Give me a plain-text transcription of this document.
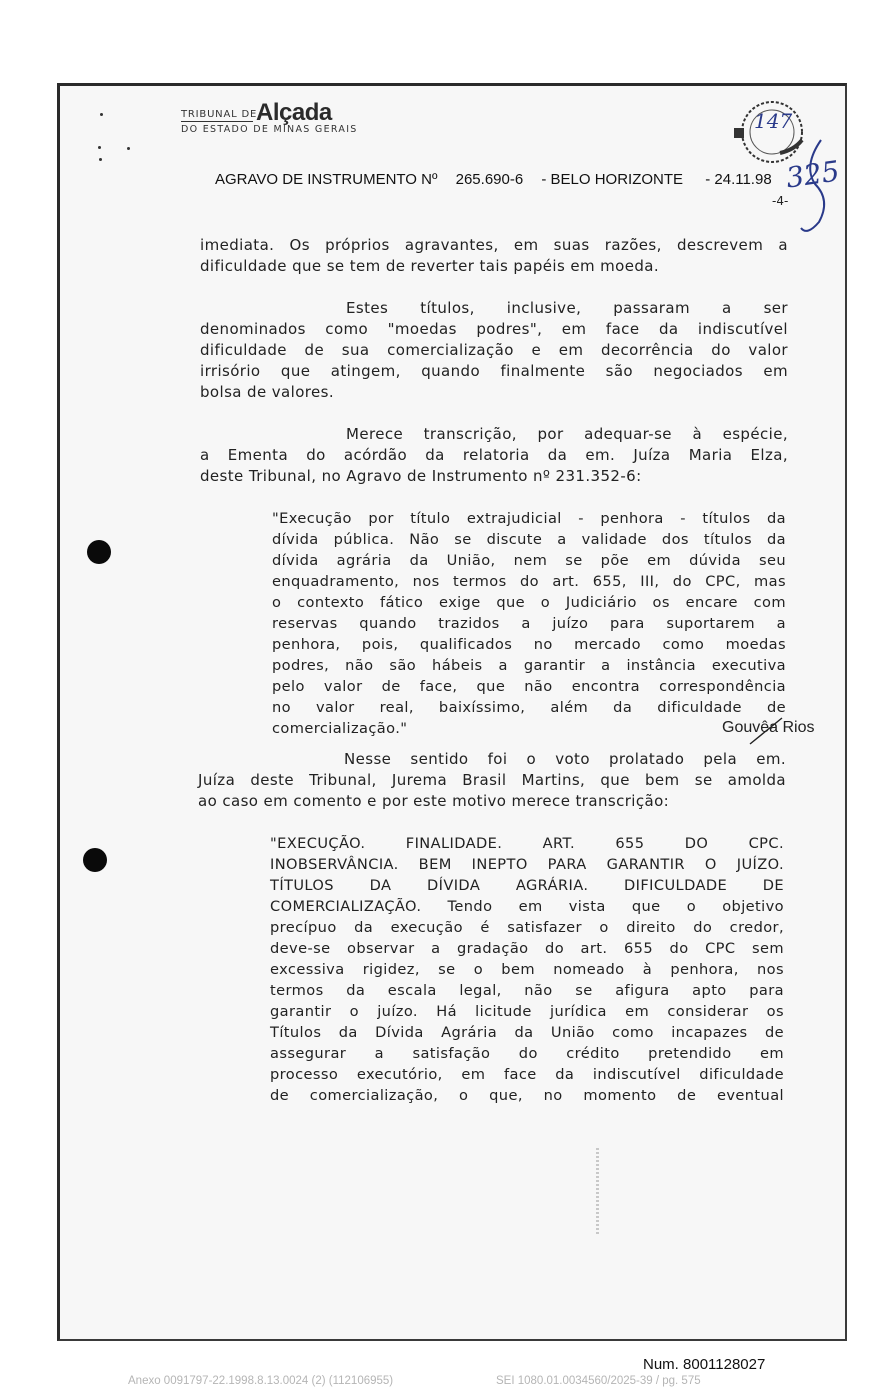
TRIBUNAL DE
Alçada
DO ESTADO DE MINAS GERAIS	147
325
AGRAVO DE INSTRUMENTO Nº 265.690-6 - BELO HORIZONTE - 24.11.98
-4-
imediata. Os próprios agravantes, em suas razões, descrevem a
dificuldade que se tem de reverter tais papéis em moeda.
Estes títulos, inclusive, passaram a ser
denominados como "moedas podres", em face da indiscutível
dificuldade de sua comercialização e em decorrência do valor
irrisório que atingem, quando finalmente são negociados em
bolsa de valores.
Merece transcrição, por adequar-se à espécie,
a Ementa do acórdão da relatoria da em. Juíza Maria Elza,
deste Tribunal, no Agravo de Instrumento nº 231.352-6:
"Execução por título extrajudicial - penhora - títulos da
dívida pública. Não se discute a validade dos títulos da
dívida agrária da União, nem se põe em dúvida seu
enquadramento, nos termos do art. 655, III, do CPC, mas
o contexto fático exige que o Judiciário os encare com
reservas quando trazidos a juízo para suportarem a
penhora, pois, qualificados no mercado como moedas
podres, não são hábeis a garantir a instância executiva
pelo valor de face, que não encontra correspondência
no valor real, baixíssimo, além da dificuldade de
comercialização."	Gouvêa Rios
Nesse sentido foi o voto prolatado pela em.
Juíza deste Tribunal, Jurema Brasil Martins, que bem se amolda
ao caso em comento e por este motivo merece transcrição:
"EXECUÇÃO. FINALIDADE. ART. 655 DO CPC.
INOBSERVÂNCIA. BEM INEPTO PARA GARANTIR O JUÍZO.
TÍTULOS DA DÍVIDA AGRÁRIA. DIFICULDADE DE
COMERCIALIZAÇÃO. Tendo em vista que o objetivo
precípuo da execução é satisfazer o direito do credor,
deve-se observar a gradação do art. 655 do CPC sem
excessiva rigidez, se o bem nomeado à penhora, nos
termos da escala legal, não se afigura apto para
garantir o juízo. Há licitude jurídica em considerar os
Títulos da Dívida Agrária da União como incapazes de
assegurar a satisfação do crédito pretendido em
processo executório, em face da indiscutível dificuldade
de comercialização, o que, no momento de eventual
Num. 8001128027
Anexo 0091797-22.1998.8.13.0024 (2) (112106955)	SEI 1080.01.0034560/2025-39 / pg. 575
